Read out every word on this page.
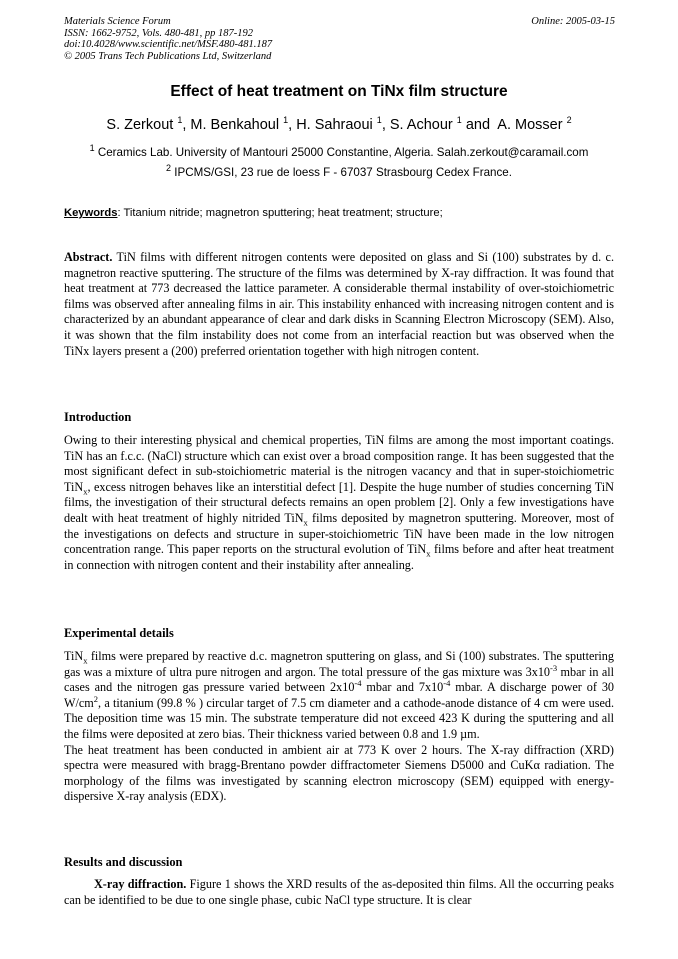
Materials Science Forum
ISSN: 1662-9752, Vols. 480-481, pp 187-192
doi:10.4028/www.scientific.net/MSF.480-481.187
© 2005 Trans Tech Publications Ltd, Switzerland
Online: 2005-03-15
Effect of heat treatment on TiNx film structure
S. Zerkout $^1$, M. Benkahoul $^1$, H. Sahraoui $^1$, S. Achour $^1$ and  A. Mosser $^2$
$^1$ Ceramics Lab. University of Mantouri 25000 Constantine, Algeria. Salah.zerkout@caramail.com
$^2$ IPCMS/GSI, 23 rue de loess F - 67037 Strasbourg Cedex France.
Keywords: Titanium nitride; magnetron sputtering; heat treatment; structure;
Abstract. TiN films with different nitrogen contents were deposited on glass and Si (100) substrates by d. c. magnetron reactive sputtering. The structure of the films was determined by X-ray diffraction. It was found that heat treatment at 773 decreased the lattice parameter. A considerable thermal instability of over-stoichiometric films was observed after annealing films in air. This instability enhanced with increasing nitrogen content and is characterized by an abundant appearance of clear and dark disks in Scanning Electron Microscopy (SEM). Also, it was shown that the film instability does not come from an interfacial reaction but was observed when the TiNx layers present a (200) preferred orientation together with high nitrogen content.
Introduction
Owing to their interesting physical and chemical properties, TiN films are among the most important coatings. TiN has an f.c.c. (NaCl) structure which can exist over a broad composition range. It has been suggested that the most significant defect in sub-stoichiometric material is the nitrogen vacancy and that in super-stoichiometric TiN$_x$, excess nitrogen behaves like an interstitial defect [1]. Despite the huge number of studies concerning TiN films, the investigation of their structural defects remains an open problem [2]. Only a few investigations have dealt with heat treatment of highly nitrided TiN$_x$ films deposited by magnetron sputtering. Moreover, most of the investigations on defects and structure in super-stoichiometric TiN have been made in the low nitrogen concentration range. This paper reports on the structural evolution of TiN$_x$ films before and after heat treatment in connection with nitrogen content and their instability after annealing.
Experimental details
TiN$_x$ films were prepared by reactive d.c. magnetron sputtering on glass, and Si (100) substrates. The sputtering gas was a mixture of ultra pure nitrogen and argon. The total pressure of the gas mixture was $3x10^{-3}$ mbar in all cases and the nitrogen gas pressure varied between $2x10^{-4}$ mbar and $7x10^{-4}$ mbar. A discharge power of 30 $W/cm^2$, a titanium (99.8 % ) circular target of 7.5 cm diameter and a cathode-anode distance of 4 cm were used. The deposition time was 15 min. The substrate temperature did not exceed 423 K during the sputtering and all the films were deposited at zero bias. Their thickness varied between 0.8 and 1.9 µm.
The heat treatment has been conducted in ambient air at 773 K over 2 hours. The X-ray diffraction (XRD) spectra were measured with bragg-Brentano powder diffractometer Siemens D5000 and CuKα radiation. The morphology of the films was investigated by scanning electron microscopy (SEM) equipped with energy-dispersive X-ray analysis (EDX).
Results and discussion
X-ray diffraction. Figure 1 shows the XRD results of the as-deposited thin films. All the occurring peaks can be identified to be due to one single phase, cubic NaCl type structure. It is clear
